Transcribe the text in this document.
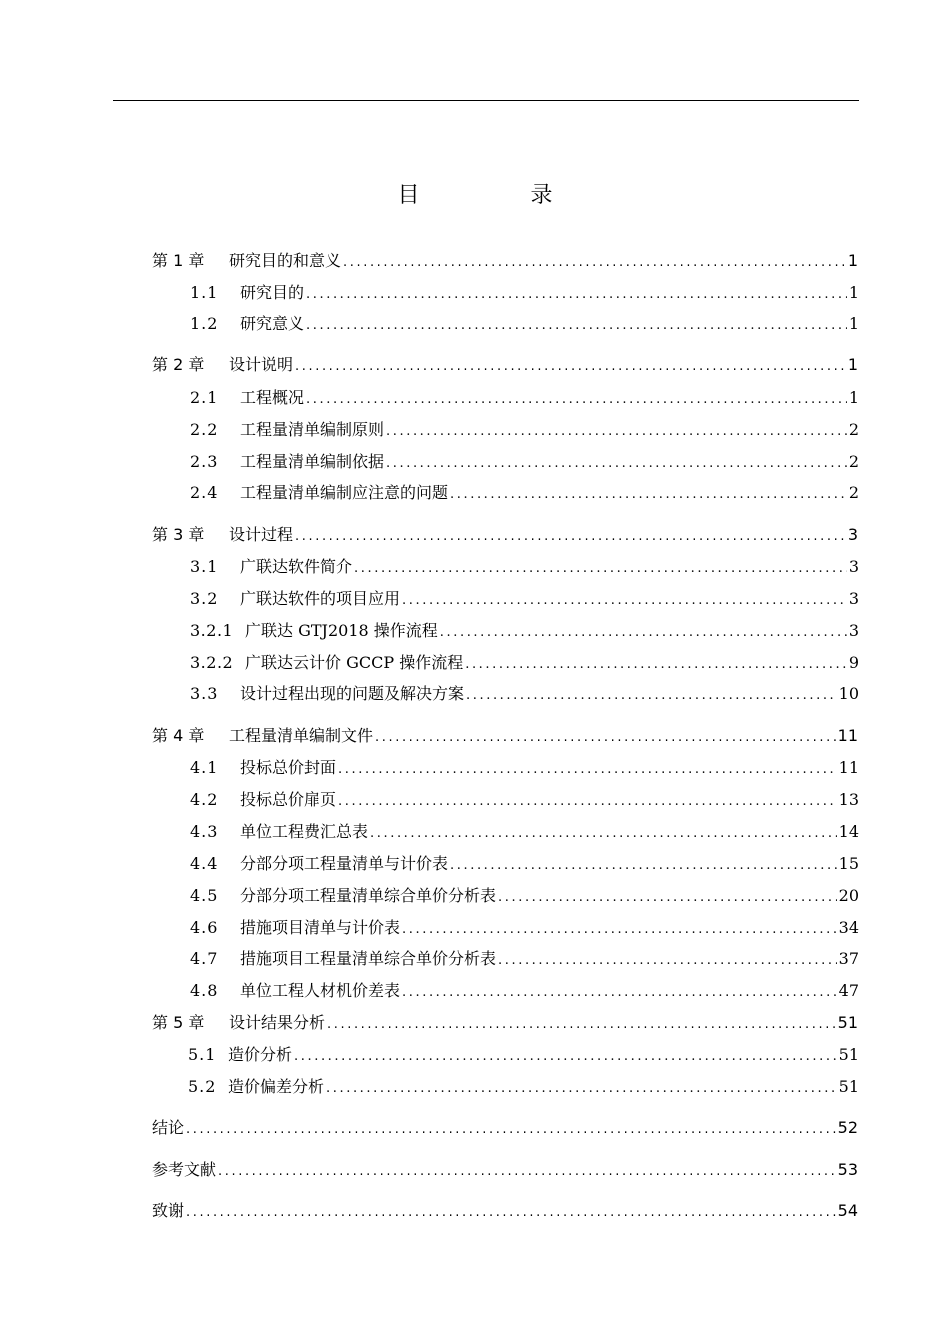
目 录
第 1 章	研究目的和意义 .....	1
1.1	研究目的 .....	1
1.2	研究意义 .....	1
第 2 章	设计说明 .....	1
2.1	工程概况 .....	1
2.2	工程量清单编制原则 .....	2
2.3	工程量清单编制依据 .....	2
2.4	工程量清单编制应注意的问题 .....	2
第 3 章	设计过程 .....	3
3.1	广联达软件简介 .....	3
3.2	广联达软件的项目应用 .....	3
3.2.1 广联达 GTJ2018 操作流程 .....	3
3.2.2 广联达云计价 GCCP 操作流程 .....	9
3.3	设计过程出现的问题及解决方案 .....	10
第 4 章	工程量清单编制文件 .....	11
4.1	投标总价封面 .....	11
4.2	投标总价扉页 .....	13
4.3	单位工程费汇总表 .....	14
4.4	分部分项工程量清单与计价表 .....	15
4.5	分部分项工程量清单综合单价分析表 .....	20
4.6	措施项目清单与计价表 .....	34
4.7	措施项目工程量清单综合单价分析表 .....	37
4.8	单位工程人材机价差表 .....	47
第 5 章	设计结果分析 .....	51
5.1 造价分析 .....	51
5.2 造价偏差分析 .....	51
结论 .....	52
参考文献 .....	53
致谢 .....	54
